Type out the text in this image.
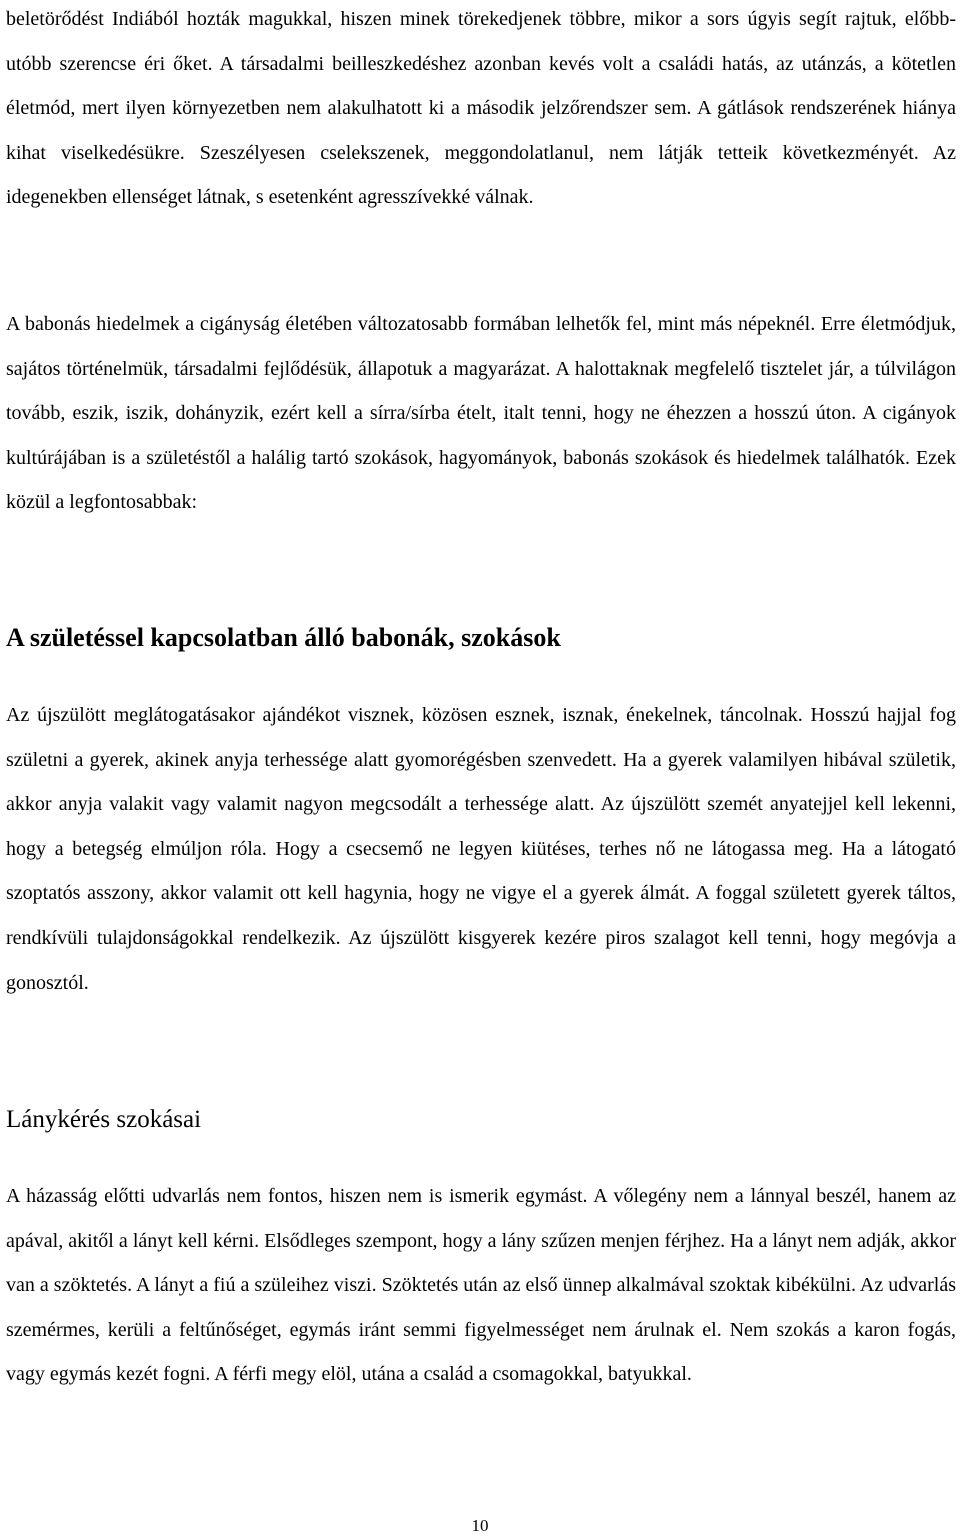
beletörődést Indiából hozták magukkal, hiszen minek törekedjenek többre, mikor a sors úgyis segít rajtuk, előbb-utóbb szerencse éri őket. A társadalmi beilleszkedéshez azonban kevés volt a családi hatás, az utánzás, a kötetlen életmód, mert ilyen környezetben nem alakulhatott ki a második jelzőrendszer sem. A gátlások rendszerének hiánya kihat viselkedésükre. Szeszélyesen cselekszenek, meggondolatlanul, nem látják tetteik következményét. Az idegenekben ellenséget látnak, s esetenként agresszívekké válnak.

A babonás hiedelmek a cigányság életében változatosabb formában lelhetők fel, mint más népeknél. Erre életmódjuk, sajátos történelmük, társadalmi fejlődésük, állapotuk a magyarázat. A halottaknak megfelelő tisztelet jár, a túlvilágon tovább, eszik, iszik, dohányzik, ezért kell a sírra/sírba ételt, italt tenni, hogy ne éhezzen a hosszú úton. A cigányok kultúrájában is a születéstől a halálig tartó szokások, hagyományok, babonás szokások és hiedelmek találhatók. Ezek közül a legfontosabbak:

A születéssel kapcsolatban álló babonák, szokások

Az újszülött meglátogatásakor ajándékot visznek, közösen esznek, isznak, énekelnek, táncolnak. Hosszú hajjal fog születni a gyerek, akinek anyja terhessége alatt gyomorégésben szenvedett. Ha a gyerek valamilyen hibával születik, akkor anyja valakit vagy valamit nagyon megcsodált a terhessége alatt. Az újszülött szemét anyatejjel kell lekenni, hogy a betegség elmúljon róla. Hogy a csecsemő ne legyen kiütéses, terhes nő ne látogassa meg. Ha a látogató szoptatós asszony, akkor valamit ott kell hagynia, hogy ne vigye el a gyerek álmát. A foggal született gyerek táltos, rendkívüli tulajdonságokkal rendelkezik. Az újszülött kisgyerek kezére piros szalagot kell tenni, hogy megóvja a gonosztól.

Lánykérés szokásai

A házasság előtti udvarlás nem fontos, hiszen nem is ismerik egymást. A vőlegény nem a lánnyal beszél, hanem az apával, akitől a lányt kell kérni. Elsődleges szempont, hogy a lány szűzen menjen férjhez. Ha a lányt nem adják, akkor van a szöktetés. A lányt a fiú a szüleihez viszi. Szöktetés után az első ünnep alkalmával szoktak kibékülni. Az udvarlás szemérmes, kerüli a feltűnőséget, egymás iránt semmi figyelmességet nem árulnak el. Nem szokás a karon fogás, vagy egymás kezét fogni. A férfi megy elöl, utána a család a csomagokkal, batyukkal.

10
